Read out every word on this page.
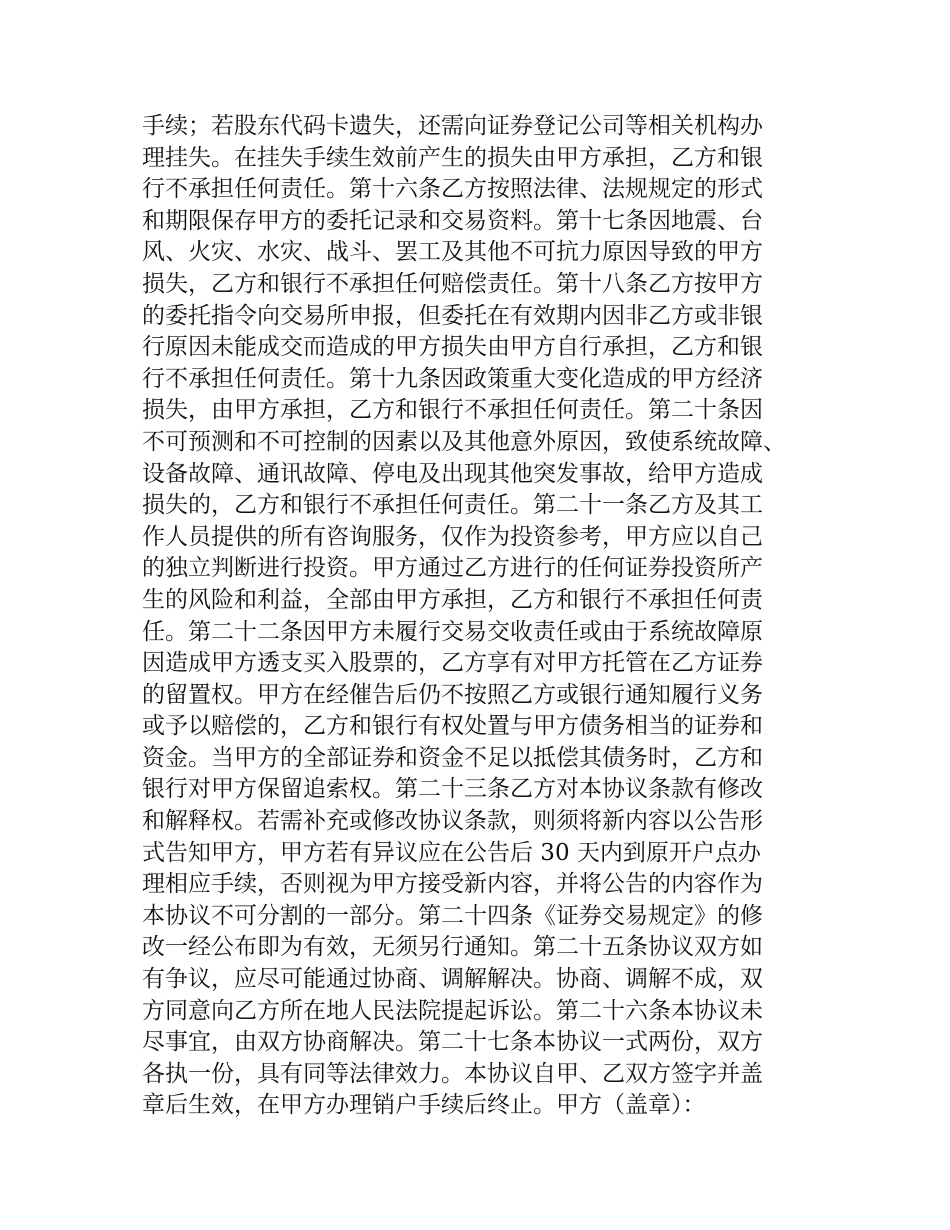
手续；若股东代码卡遗失，还需向证券登记公司等相关机构办
理挂失。在挂失手续生效前产生的损失由甲方承担，乙方和银
行不承担任何责任。第十六条乙方按照法律、法规规定的形式
和期限保存甲方的委托记录和交易资料。第十七条因地震、台
风、火灾、水灾、战斗、罢工及其他不可抗力原因导致的甲方
损失，乙方和银行不承担任何赔偿责任。第十八条乙方按甲方
的委托指令向交易所申报，但委托在有效期内因非乙方或非银
行原因未能成交而造成的甲方损失由甲方自行承担，乙方和银
行不承担任何责任。第十九条因政策重大变化造成的甲方经济
损失，由甲方承担，乙方和银行不承担任何责任。第二十条因
不可预测和不可控制的因素以及其他意外原因，致使系统故障、
设备故障、通讯故障、停电及出现其他突发事故，给甲方造成
损失的，乙方和银行不承担任何责任。第二十一条乙方及其工
作人员提供的所有咨询服务，仅作为投资参考，甲方应以自己
的独立判断进行投资。甲方通过乙方进行的任何证券投资所产
生的风险和利益，全部由甲方承担，乙方和银行不承担任何责
任。第二十二条因甲方未履行交易交收责任或由于系统故障原
因造成甲方透支买入股票的，乙方享有对甲方托管在乙方证券
的留置权。甲方在经催告后仍不按照乙方或银行通知履行义务
或予以赔偿的，乙方和银行有权处置与甲方债务相当的证券和
资金。当甲方的全部证券和资金不足以抵偿其债务时，乙方和
银行对甲方保留追索权。第二十三条乙方对本协议条款有修改
和解释权。若需补充或修改协议条款，则须将新内容以公告形
式告知甲方，甲方若有异议应在公告后 30 天内到原开户点办
理相应手续，否则视为甲方接受新内容，并将公告的内容作为
本协议不可分割的一部分。第二十四条《证券交易规定》的修
改一经公布即为有效，无须另行通知。第二十五条协议双方如
有争议，应尽可能通过协商、调解解决。协商、调解不成，双
方同意向乙方所在地人民法院提起诉讼。第二十六条本协议未
尽事宜，由双方协商解决。第二十七条本协议一式两份，双方
各执一份，具有同等法律效力。本协议自甲、乙双方签字并盖
章后生效，在甲方办理销户手续后终止。甲方（盖章）：
